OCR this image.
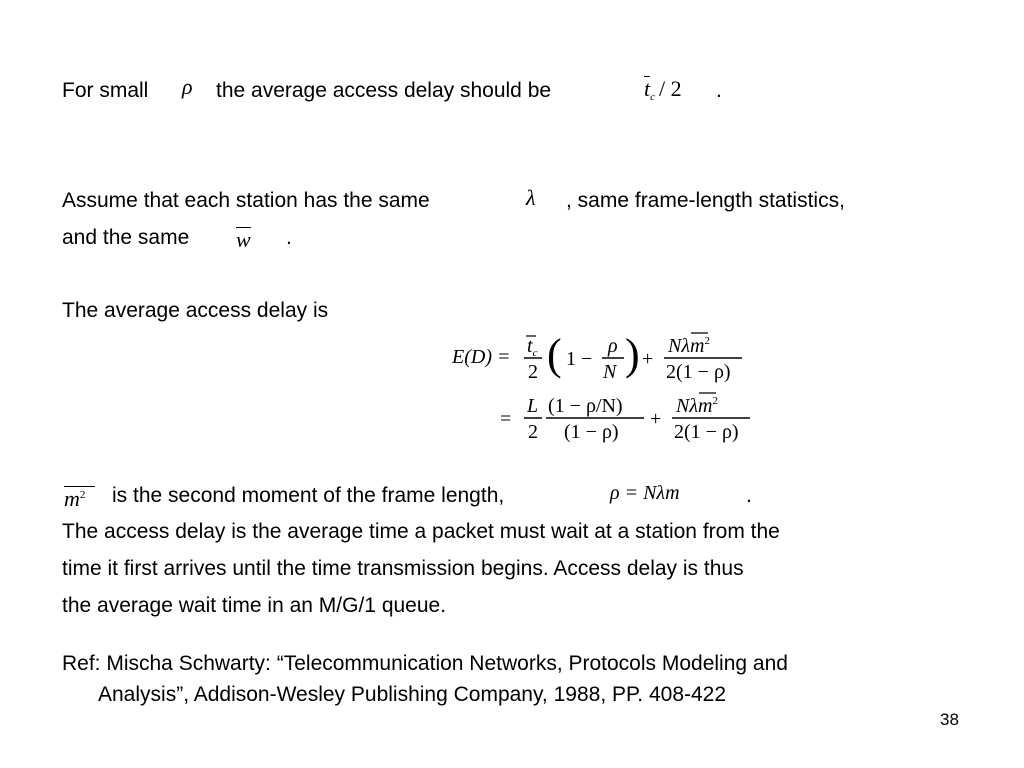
For small ρ the average access delay should be	$t_c / 2$ .
Assume that each station has the same	λ , same frame-length statistics,
and the same w .
The average access delay is
$E(D) = t_c$
2 ( 1 −
ρ
N ) +
Nλm$^2$
2(1 − ρ)
=
L
2
(1 − ρ/N)
(1 − ρ)
+
Nλm$^2$
2(1 − ρ)
$m^2$	is the second moment of the frame length,	ρ = Nλm	.
The access delay is the average time a packet must wait at a station from the
time it first arrives until the time transmission begins. Access delay is thus
the average wait time in an M/G/1 queue.
Ref: Mischa Schwarty: “Telecommunication Networks, Protocols Modeling and
Analysis”, Addison-Wesley Publishing Company, 1988, PP. 408-422
38
